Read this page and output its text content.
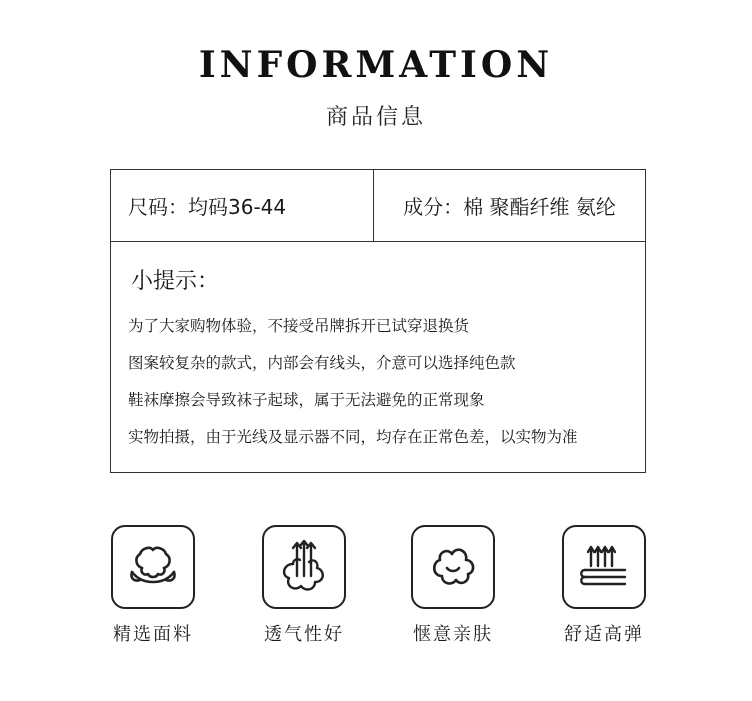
INFORMATION
商品信息
尺码：均码36-44	成分：棉 聚酯纤维 氨纶
小提示：
为了大家购物体验，不接受吊牌拆开已试穿退换货
图案较复杂的款式，内部会有线头，介意可以选择纯色款
鞋袜摩擦会导致袜子起球，属于无法避免的正常现象
实物拍摄，由于光线及显示器不同，均存在正常色差，以实物为准
精选面料	透气性好	惬意亲肤	舒适高弹
